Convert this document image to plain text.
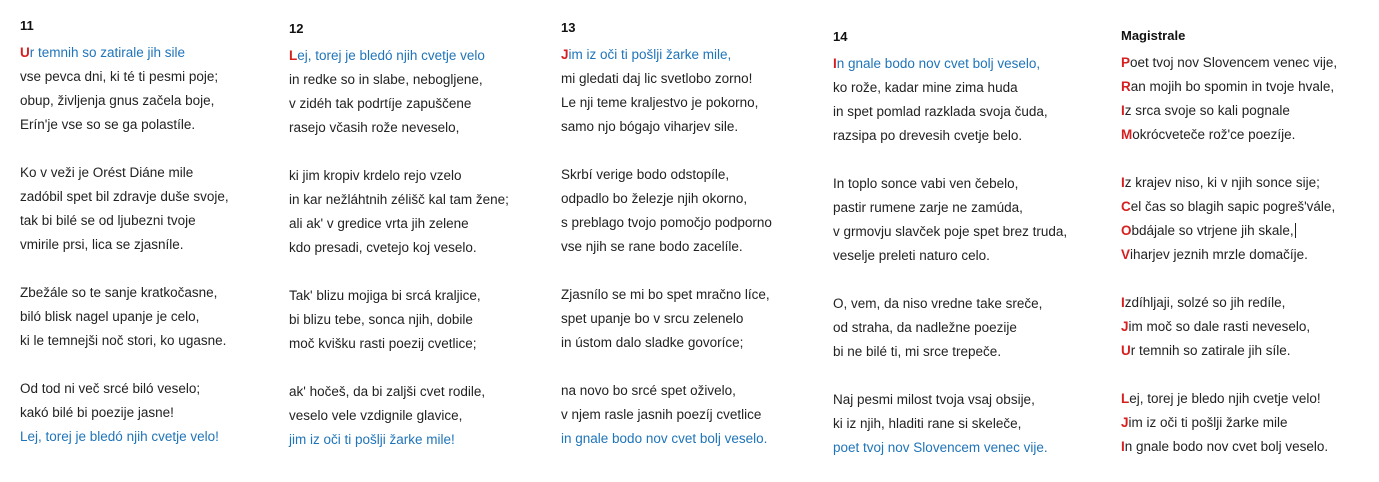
11
Ur temnih so zatirale jih sile
vse pevca dni, ki té ti pesmi poje;
obup, življenja gnus začela boje,
Erín'je vse so se ga polastíle.
Ko v veži je Orést Diáne mile
zadóbil spet bil zdravje duše svoje,
tak bi bilé se od ljubezni tvoje
vmirile prsi, lica se zjasníle.
Zbežále so te sanje kratkočasne,
biló blisk nagel upanje je celo,
ki le temnejši noč stori, ko ugasne.
Od tod ni več srcé biló veselo;
kakó bilé bi poezije jasne!
Lej, torej je bledó njih cvetje velo!
12
Lej, torej je bledó njih cvetje velo
in redke so in slabe, nebogljene,
v zidéh tak podrtíje zapuščene
rasejo včasih rože neveselo,
ki jim kropiv krdelo rejo vzelo
in kar nežláhtnih zélišč kal tam žene;
ali ak' v gredice vrta jih zelene
kdo presadi, cvetejo koj veselo.
Tak' blizu mojiga bi srcá kraljice,
bi blizu tebe, sonca njih, dobile
moč kvišku rasti poezij cvetlice;
ak' hočeš, da bi zaljši cvet rodile,
veselo vele vzdignile glavice,
jim iz oči ti pošlji žarke mile!
13
Jim iz oči ti pošlji žarke mile,
mi gledati daj lic svetlobo zorno!
Le nji teme kraljestvo je pokorno,
samo njo bógajo viharjev sile.
Skrbí verige bodo odstopíle,
odpadlo bo železje njih okorno,
s preblago tvojo pomočjo podporno
vse njih se rane bodo zacelíle.
Zjasnílo se mi bo spet mračno líce,
spet upanje bo v srcu zelenelo
in ústom dalo sladke govoríce;
na novo bo srcé spet oživelo,
v njem rasle jasnih poezíj cvetlice
in gnale bodo nov cvet bolj veselo.
14
In gnale bodo nov cvet bolj veselo,
ko rože, kadar mine zima huda
in spet pomlad razklada svoja čuda,
razsipa po drevesih cvetje belo.
In toplo sonce vabi ven čebelo,
pastir rumene zarje ne zamúda,
v grmovju slavček poje spet brez truda,
veselje preleti naturo celo.
O, vem, da niso vredne take sreče,
od straha, da nadležne poezije
bi ne bilé ti, mi srce trepeče.
Naj pesmi milost tvoja vsaj obsije,
ki iz njih, hladiti rane si skeleče,
poet tvoj nov Slovencem venec vije.
Magistrale
Poet tvoj nov Slovencem venec vije,
Ran mojih bo spomin in tvoje hvale,
Iz srca svoje so kali pognale
Mokrócveteče rož'ce poezíje.
Iz krajev niso, ki v njih sonce sije;
Cel čas so blagih sapic pogreš'vále,
Obdájale so vtrjene jih skale,
Viharjev jeznih mrzle domačíje.
Izdíhljaji, solzé so jih redíle,
Jim moč so dale rasti neveselo,
Ur temnih so zatirale jih síle.
Lej, torej je bledo njih cvetje velo!
Jim iz oči ti pošlji žarke mile
In gnale bodo nov cvet bolj veselo.
